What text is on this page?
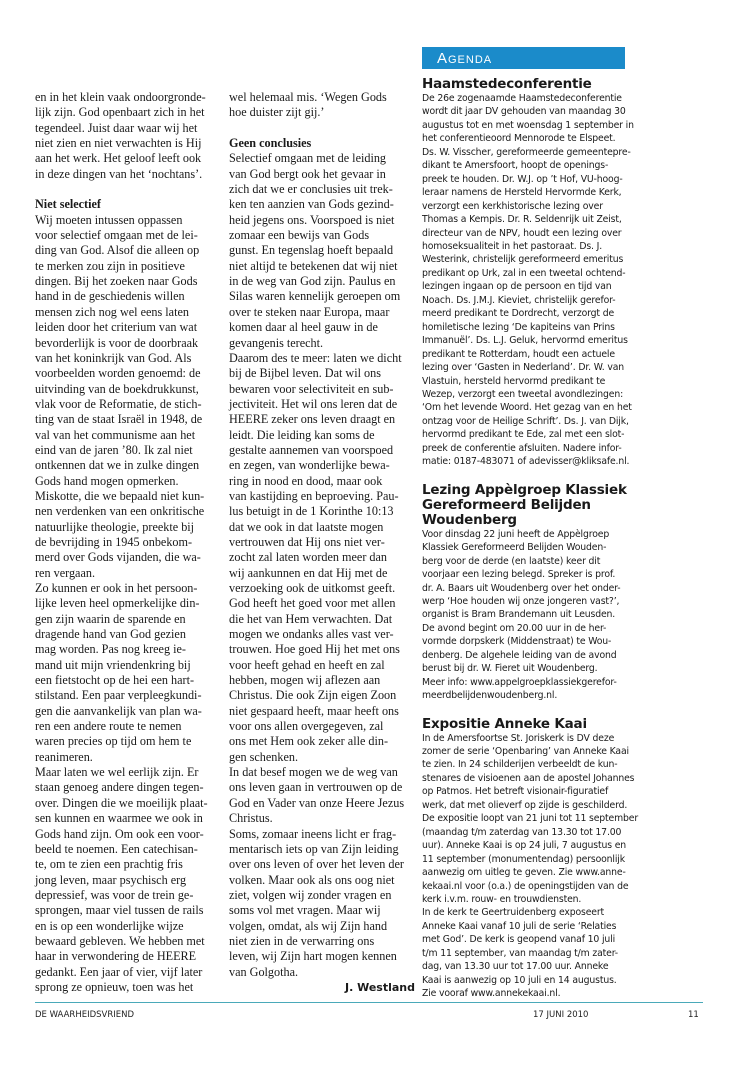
en in het klein vaak ondoorgronde-
lijk zijn. God openbaart zich in het
tegendeel. Juist daar waar wij het
niet zien en niet verwachten is Hij
aan het werk. Het geloof leeft ook
in deze dingen van het ‘nochtans’.
Niet selectief
Wij moeten intussen oppassen
voor selectief omgaan met de lei-
ding van God. Alsof die alleen op
te merken zou zijn in positieve
dingen. Bij het zoeken naar Gods
hand in de geschiedenis willen
mensen zich nog wel eens laten
leiden door het criterium van wat
bevorderlijk is voor de doorbraak
van het koninkrijk van God. Als
voorbeelden worden genoemd: de
uitvinding van de boekdrukkunst,
vlak voor de Reformatie, de stich-
ting van de staat Israël in 1948, de
val van het communisme aan het
eind van de jaren ’80. Ik zal niet
ontkennen dat we in zulke dingen
Gods hand mogen opmerken.
Miskotte, die we bepaald niet kun-
nen verdenken van een onkritische
natuurlijke theologie, preekte bij
de bevrijding in 1945 onbekom-
merd over Gods vijanden, die wa-
ren vergaan.
Zo kunnen er ook in het persoon-
lijke leven heel opmerkelijke din-
gen zijn waarin de sparende en
dragende hand van God gezien
mag worden. Pas nog kreeg ie-
mand uit mijn vriendenkring bij
een fietstocht op de hei een hart-
stilstand. Een paar verpleegkundi-
gen die aanvankelijk van plan wa-
ren een andere route te nemen
waren precies op tijd om hem te
reanimeren.
Maar laten we wel eerlijk zijn. Er
staan genoeg andere dingen tegen-
over. Dingen die we moeilijk plaat-
sen kunnen en waarmee we ook in
Gods hand zijn. Om ook een voor-
beeld te noemen. Een catechisan-
te, om te zien een prachtig fris
jong leven, maar psychisch erg
depressief, was voor de trein ge-
sprongen, maar viel tussen de rails
en is op een wonderlijke wijze
bewaard gebleven. We hebben met
haar in verwondering de HEERE
gedankt. Een jaar of vier, vijf later
sprong ze opnieuw, toen was het
wel helemaal mis. ‘Wegen Gods
hoe duister zijt gij.’
Geen conclusies
Selectief omgaan met de leiding
van God bergt ook het gevaar in
zich dat we er conclusies uit trek-
ken ten aanzien van Gods gezind-
heid jegens ons. Voorspoed is niet
zomaar een bewijs van Gods
gunst. En tegenslag hoeft bepaald
niet altijd te betekenen dat wij niet
in de weg van God zijn. Paulus en
Silas waren kennelijk geroepen om
over te steken naar Europa, maar
komen daar al heel gauw in de
gevangenis terecht.
Daarom des te meer: laten we dicht
bij de Bijbel leven. Dat wil ons
bewaren voor selectiviteit en sub-
jectiviteit. Het wil ons leren dat de
HEERE zeker ons leven draagt en
leidt. Die leiding kan soms de
gestalte aannemen van voorspoed
en zegen, van wonderlijke bewa-
ring in nood en dood, maar ook
van kastijding en beproeving. Pau-
lus betuigt in de 1 Korinthe 10:13
dat we ook in dat laatste mogen
vertrouwen dat Hij ons niet ver-
zocht zal laten worden meer dan
wij aankunnen en dat Hij met de
verzoeking ook de uitkomst geeft.
God heeft het goed voor met allen
die het van Hem verwachten. Dat
mogen we ondanks alles vast ver-
trouwen. Hoe goed Hij het met ons
voor heeft gehad en heeft en zal
hebben, mogen wij aflezen aan
Christus. Die ook Zijn eigen Zoon
niet gespaard heeft, maar heeft ons
voor ons allen overgegeven, zal
ons met Hem ook zeker alle din-
gen schenken.
In dat besef mogen we de weg van
ons leven gaan in vertrouwen op de
God en Vader van onze Heere Jezus
Christus.
Soms, zomaar ineens licht er frag-
mentarisch iets op van Zijn leiding
over ons leven of over het leven der
volken. Maar ook als ons oog niet
ziet, volgen wij zonder vragen en
soms vol met vragen. Maar wij
volgen, omdat, als wij Zijn hand
niet zien in de verwarring ons
leven, wij Zijn hart mogen kennen
van Golgotha.
J. Westland
Agenda
Haamstedeconferentie
De 26e zogenaamde Haamstedeconferentie
wordt dit jaar DV gehouden van maandag 30
augustus tot en met woensdag 1 september in
het conferentieoord Mennorode te Elspeet.
Ds. W. Visscher, gereformeerde gemeentepre-
dikant te Amersfoort, hoopt de openings-
preek te houden. Dr. W.J. op ’t Hof, VU-hoog-
leraar namens de Hersteld Hervormde Kerk,
verzorgt een kerkhistorische lezing over
Thomas a Kempis. Dr. R. Seldenrijk uit Zeist,
directeur van de NPV, houdt een lezing over
homoseksualiteit in het pastoraat. Ds. J.
Westerink, christelijk gereformeerd emeritus
predikant op Urk, zal in een tweetal ochtend-
lezingen ingaan op de persoon en tijd van
Noach. Ds. J.M.J. Kieviet, christelijk gerefor-
meerd predikant te Dordrecht, verzorgt de
homiletische lezing ‘De kapiteins van Prins
Immanuël’. Ds. L.J. Geluk, hervormd emeritus
predikant te Rotterdam, houdt een actuele
lezing over ‘Gasten in Nederland’. Dr. W. van
Vlastuin, hersteld hervormd predikant te
Wezep, verzorgt een tweetal avondlezingen:
‘Om het levende Woord. Het gezag van en het
ontzag voor de Heilige Schrift’. Ds. J. van Dijk,
hervormd predikant te Ede, zal met een slot-
preek de conferentie afsluiten. Nadere infor-
matie: 0187-483071 of adevisser@kliksafe.nl.
Lezing Appèlgroep Klassiek
Gereformeerd Belijden
Woudenberg
Voor dinsdag 22 juni heeft de Appèlgroep
Klassiek Gereformeerd Belijden Wouden-
berg voor de derde (en laatste) keer dit
voorjaar een lezing belegd. Spreker is prof.
dr. A. Baars uit Woudenberg over het onder-
werp ‘Hoe houden wij onze jongeren vast?’,
organist is Bram Brandemann uit Leusden.
De avond begint om 20.00 uur in de her-
vormde dorpskerk (Middenstraat) te Wou-
denberg. De algehele leiding van de avond
berust bij dr. W. Fieret uit Woudenberg.
Meer info: www.appelgroepklassiekgerefor-
meerdbelijdenwoudenberg.nl.
Expositie Anneke Kaai
In de Amersfoortse St. Joriskerk is DV deze
zomer de serie ‘Openbaring’ van Anneke Kaai
te zien. In 24 schilderijen verbeeldt de kun-
stenares de visioenen aan de apostel Johannes
op Patmos. Het betreft visionair-figuratief
werk, dat met olieverf op zijde is geschilderd.
De expositie loopt van 21 juni tot 11 september
(maandag t/m zaterdag van 13.30 tot 17.00
uur). Anneke Kaai is op 24 juli, 7 augustus en
11 september (monumentendag) persoonlijk
aanwezig om uitleg te geven. Zie www.anne-
kekaai.nl voor (o.a.) de openingstijden van de
kerk i.v.m. rouw- en trouwdiensten.
In de kerk te Geertruidenberg exposeert
Anneke Kaai vanaf 10 juli de serie ‘Relaties
met God’. De kerk is geopend vanaf 10 juli
t/m 11 september, van maandag t/m zater-
dag, van 13.30 uur tot 17.00 uur. Anneke
Kaai is aanwezig op 10 juli en 14 augustus.
Zie vooraf www.annekekaai.nl.
DE WAARHEIDSVRIEND	17 JUNI 2010	11
